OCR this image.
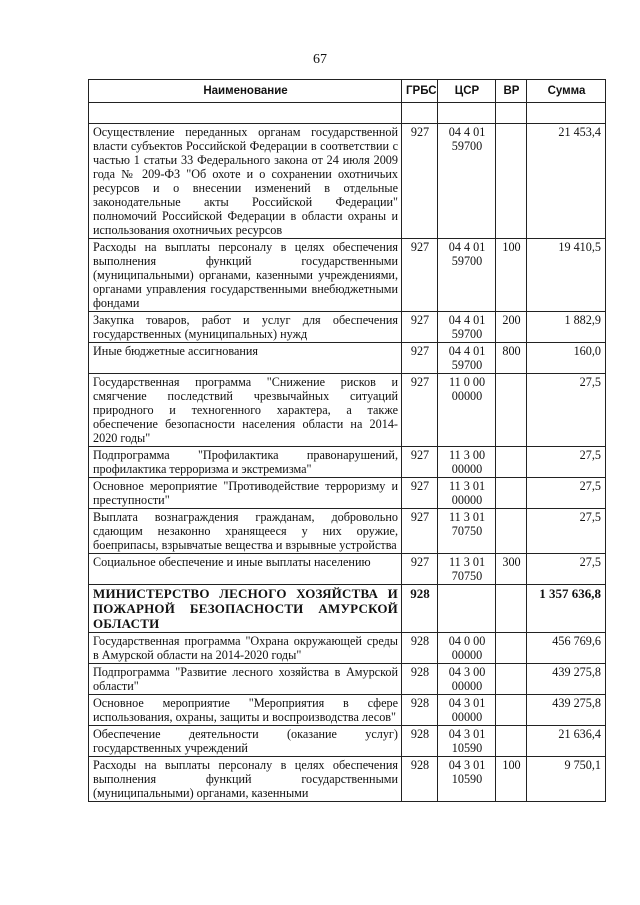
67
Наименование	ГРБС	ЦСР	ВР	Сумма

Осуществление переданных органам государственной власти субъектов Российской Федерации в соответствии с частью 1 статьи 33 Федерального закона от 24 июля 2009 года № 209-ФЗ "Об охоте и о сохранении охотничьих ресурсов и о внесении изменений в отдельные законодательные акты Российской Федерации" полномочий Российской Федерации в области охраны и использования охотничьих ресурсов	927	04 4 01 59700		21 453,4
Расходы на выплаты персоналу в целях обеспечения выполнения функций государственными (муниципальными) органами, казенными учреждениями, органами управления государственными внебюджетными фондами	927	04 4 01 59700	100	19 410,5
Закупка товаров, работ и услуг для обеспечения государственных (муниципальных) нужд	927	04 4 01 59700	200	1 882,9
Иные бюджетные ассигнования	927	04 4 01 59700	800	160,0
Государственная программа "Снижение рисков и смягчение последствий чрезвычайных ситуаций природного и техногенного характера, а также обеспечение безопасности населения области на 2014-2020 годы"	927	11 0 00 00000		27,5
Подпрограмма "Профилактика правонарушений, профилактика терроризма и экстремизма"	927	11 3 00 00000		27,5
Основное мероприятие "Противодействие терроризму и преступности"	927	11 3 01 00000		27,5
Выплата вознаграждения гражданам, добровольно сдающим незаконно хранящееся у них оружие, боеприпасы, взрывчатые вещества и взрывные устройства	927	11 3 01 70750		27,5
Социальное обеспечение и иные выплаты населению	927	11 3 01 70750	300	27,5
МИНИСТЕРСТВО ЛЕСНОГО ХОЗЯЙСТВА И ПОЖАРНОЙ БЕЗОПАСНОСТИ АМУРСКОЙ ОБЛАСТИ	928			1 357 636,8
Государственная программа "Охрана окружающей среды в Амурской области на 2014-2020 годы"	928	04 0 00 00000		456 769,6
Подпрограмма "Развитие лесного хозяйства в Амурской области"	928	04 3 00 00000		439 275,8
Основное мероприятие "Мероприятия в сфере использования, охраны, защиты и воспроизводства лесов"	928	04 3 01 00000		439 275,8
Обеспечение деятельности (оказание услуг) государственных учреждений	928	04 3 01 10590		21 636,4
Расходы на выплаты персоналу в целях обеспечения выполнения функций государственными (муниципальными) органами, казенными	928	04 3 01 10590	100	9 750,1
